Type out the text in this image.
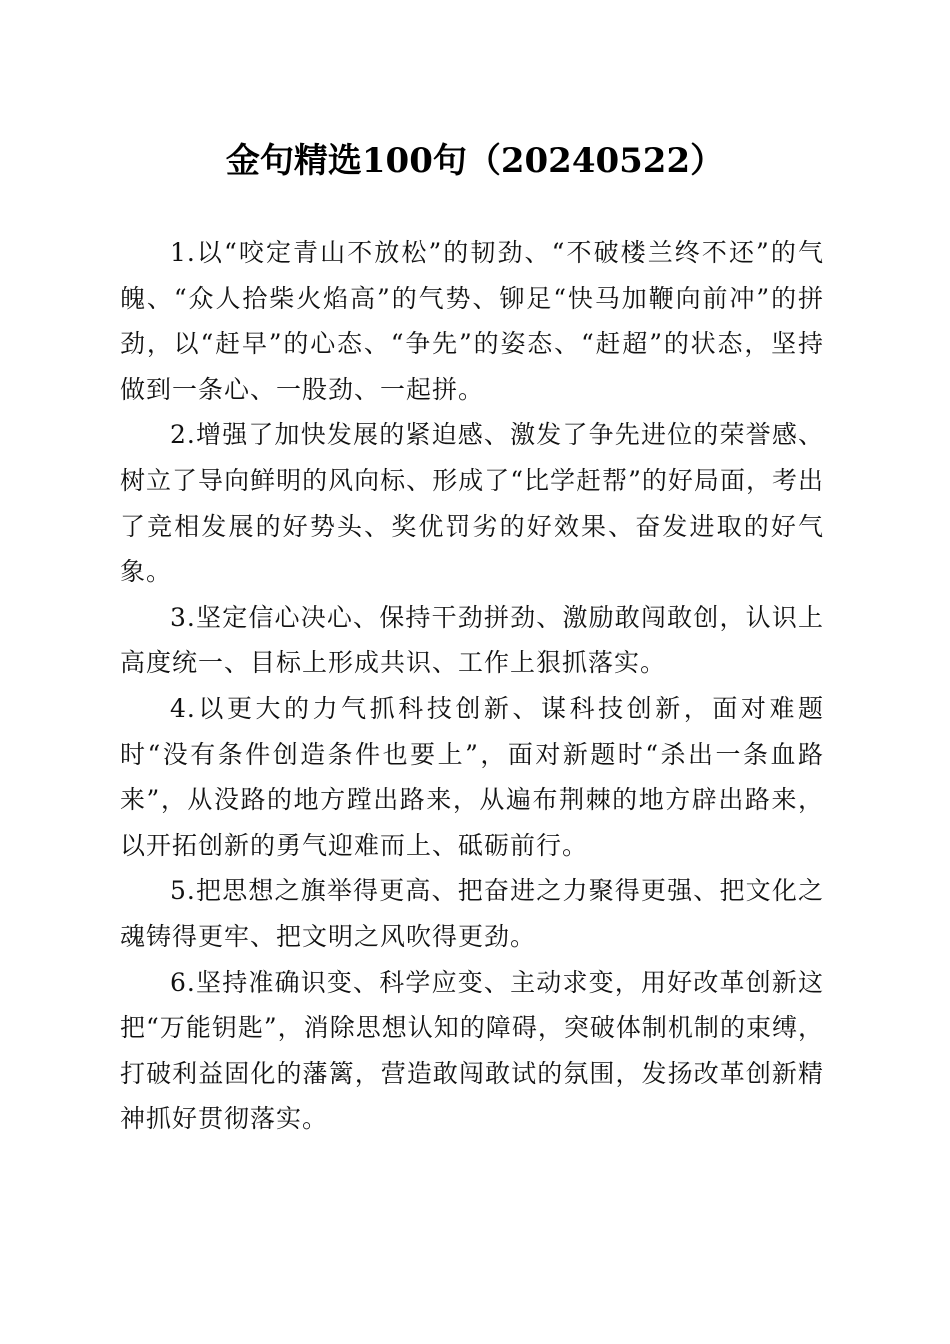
金句精选100句（20240522）

1.以“咬定青山不放松”的韧劲、“不破楼兰终不还”的气魄、“众人拾柴火焰高”的气势、铆足“快马加鞭向前冲”的拼劲，以“赶早”的心态、“争先”的姿态、“赶超”的状态，坚持做到一条心、一股劲、一起拼。

2.增强了加快发展的紧迫感、激发了争先进位的荣誉感、树立了导向鲜明的风向标、形成了“比学赶帮”的好局面，考出了竞相发展的好势头、奖优罚劣的好效果、奋发进取的好气象。

3.坚定信心决心、保持干劲拼劲、激励敢闯敢创，认识上高度统一、目标上形成共识、工作上狠抓落实。

4.以更大的力气抓科技创新、谋科技创新，面对难题时“没有条件创造条件也要上”，面对新题时“杀出一条血路来”，从没路的地方蹚出路来，从遍布荆棘的地方辟出路来，以开拓创新的勇气迎难而上、砥砺前行。

5.把思想之旗举得更高、把奋进之力聚得更强、把文化之魂铸得更牢、把文明之风吹得更劲。

6.坚持准确识变、科学应变、主动求变，用好改革创新这把“万能钥匙”，消除思想认知的障碍，突破体制机制的束缚，打破利益固化的藩篱，营造敢闯敢试的氛围，发扬改革创新精神抓好贯彻落实。
